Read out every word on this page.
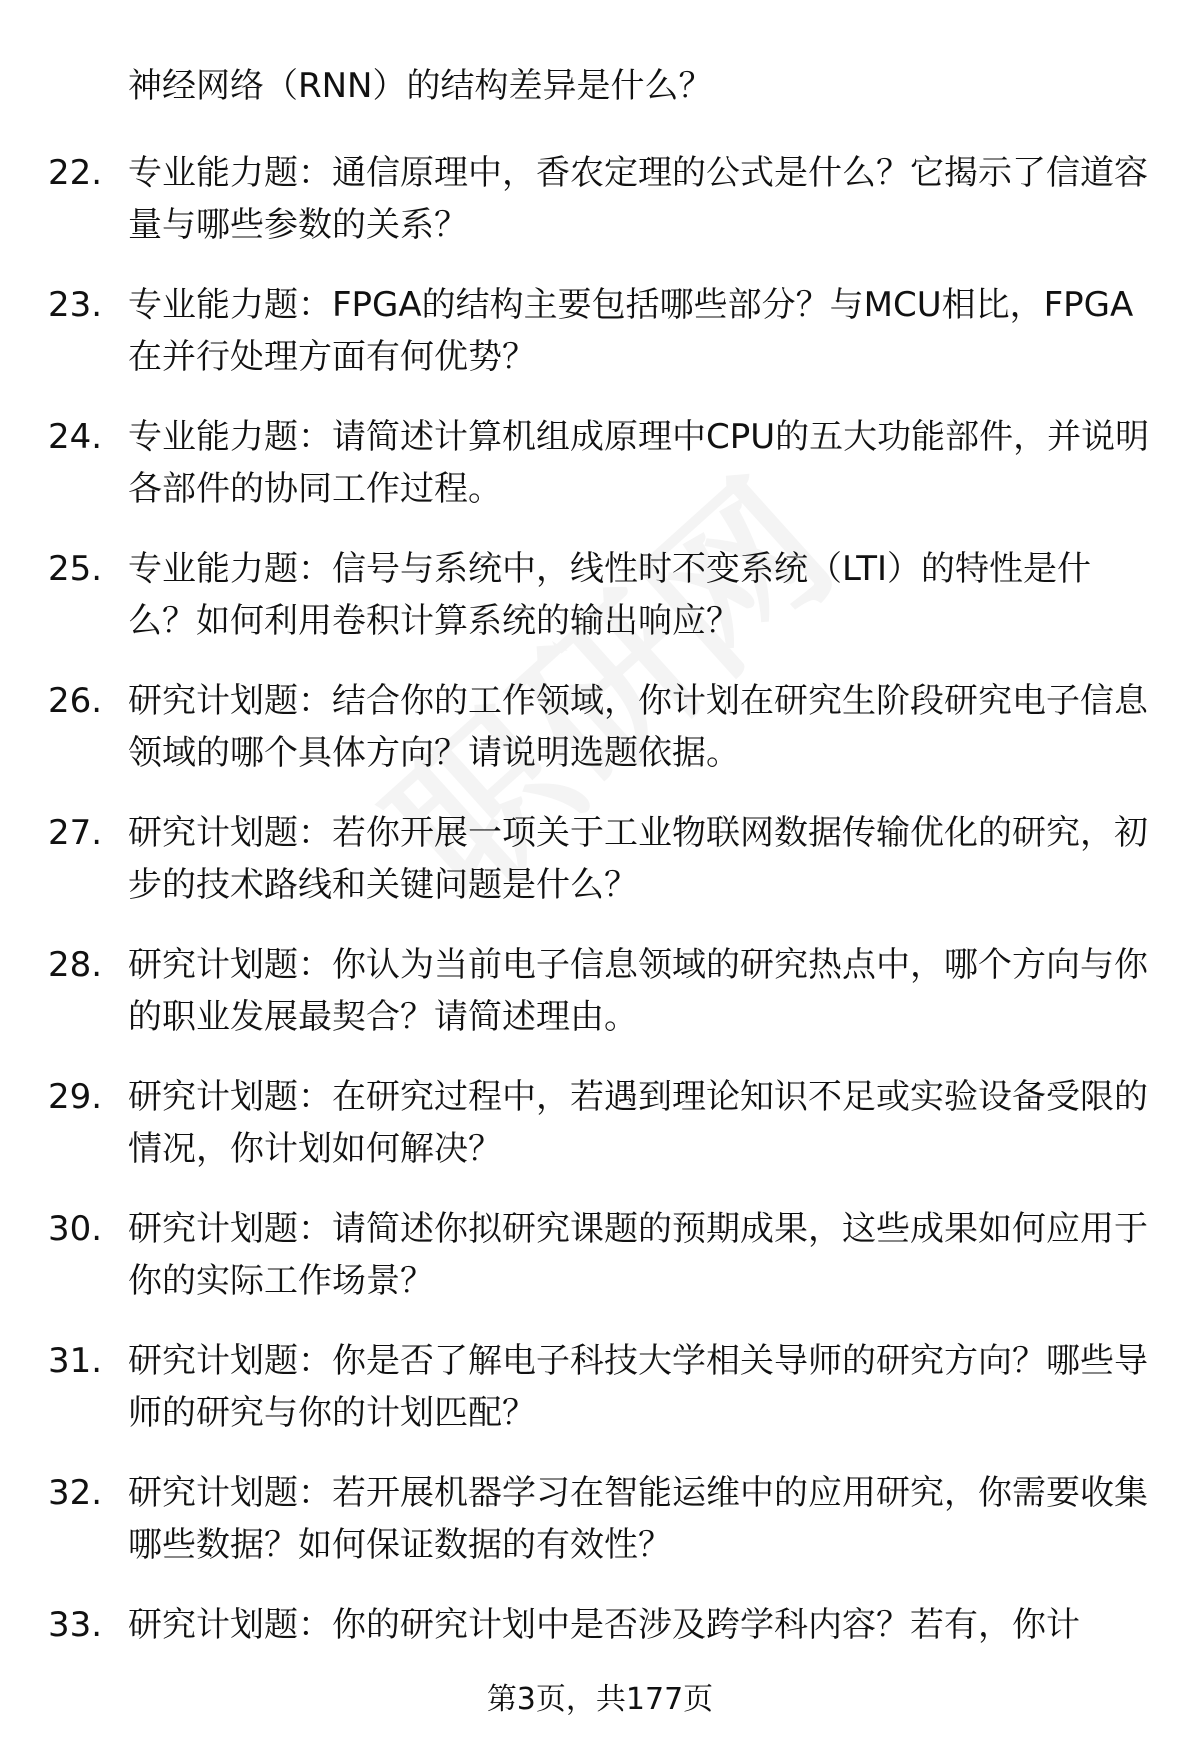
神经网络（RNN）的结构差异是什么？
22. 专业能力题：通信原理中，香农定理的公式是什么？它揭示了信道容量与哪些参数的关系？
23. 专业能力题：FPGA的结构主要包括哪些部分？与MCU相比，FPGA在并行处理方面有何优势？
24. 专业能力题：请简述计算机组成原理中CPU的五大功能部件，并说明各部件的协同工作过程。
25. 专业能力题：信号与系统中，线性时不变系统（LTI）的特性是什么？如何利用卷积计算系统的输出响应？
26. 研究计划题：结合你的工作领域，你计划在研究生阶段研究电子信息领域的哪个具体方向？请说明选题依据。
27. 研究计划题：若你开展一项关于工业物联网数据传输优化的研究，初步的技术路线和关键问题是什么？
28. 研究计划题：你认为当前电子信息领域的研究热点中，哪个方向与你的职业发展最契合？请简述理由。
29. 研究计划题：在研究过程中，若遇到理论知识不足或实验设备受限的情况，你计划如何解决？
30. 研究计划题：请简述你拟研究课题的预期成果，这些成果如何应用于你的实际工作场景？
31. 研究计划题：你是否了解电子科技大学相关导师的研究方向？哪些导师的研究与你的计划匹配？
32. 研究计划题：若开展机器学习在智能运维中的应用研究，你需要收集哪些数据？如何保证数据的有效性？
33. 研究计划题：你的研究计划中是否涉及跨学科内容？若有，你计
第3页，共177页
